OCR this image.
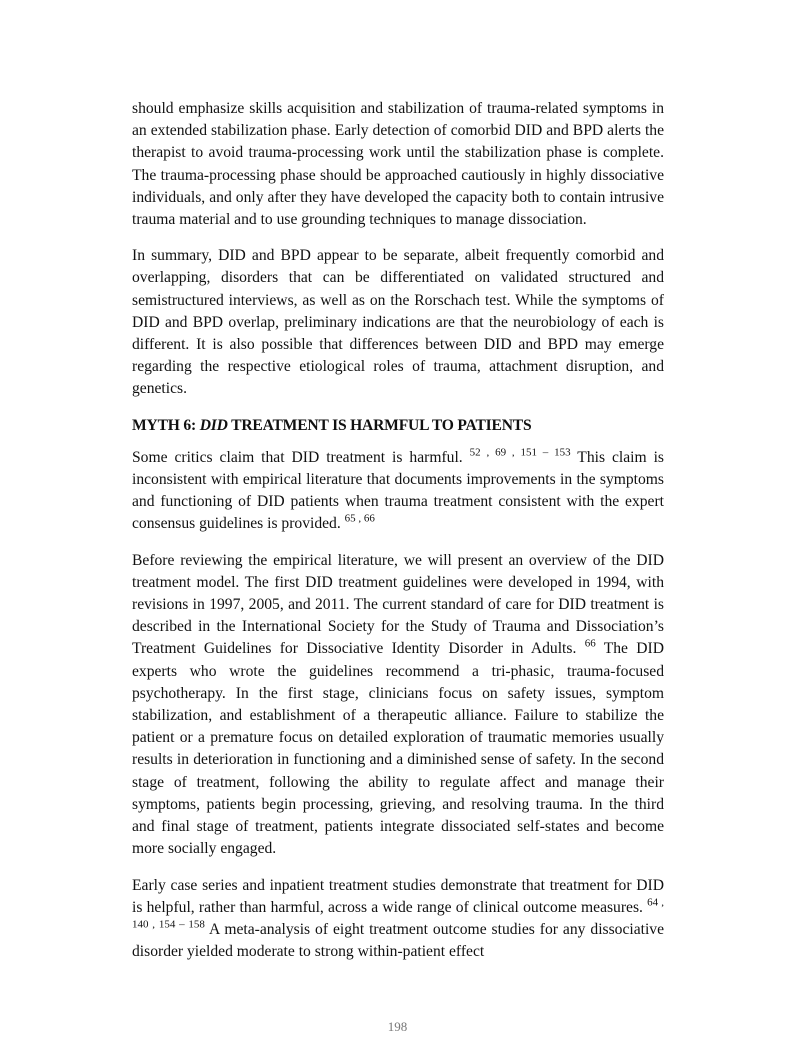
should emphasize skills acquisition and stabilization of trauma-related symptoms in an extended stabilization phase. Early detection of comorbid DID and BPD alerts the therapist to avoid trauma-processing work until the stabilization phase is complete. The trauma-processing phase should be approached cautiously in highly dissociative individuals, and only after they have developed the capacity both to contain intrusive trauma material and to use grounding techniques to manage dissociation.

In summary, DID and BPD appear to be separate, albeit frequently comorbid and overlapping, disorders that can be differentiated on validated structured and semistructured interviews, as well as on the Rorschach test. While the symptoms of DID and BPD overlap, preliminary indications are that the neurobiology of each is different. It is also possible that differences between DID and BPD may emerge regarding the respective etiological roles of trauma, attachment disruption, and genetics.

MYTH 6: DID TREATMENT IS HARMFUL TO PATIENTS

Some critics claim that DID treatment is harmful. $^{52 , 69 , 151 - 153}$ This claim is inconsistent with empirical literature that documents improvements in the symptoms and functioning of DID patients when trauma treatment consistent with the expert consensus guidelines is provided. $^{65 , 66}$

Before reviewing the empirical literature, we will present an overview of the DID treatment model. The first DID treatment guidelines were developed in 1994, with revisions in 1997, 2005, and 2011. The current standard of care for DID treatment is described in the International Society for the Study of Trauma and Dissociation’s Treatment Guidelines for Dissociative Identity Disorder in Adults. $^{66}$ The DID experts who wrote the guidelines recommend a tri-phasic, trauma-focused psychotherapy. In the first stage, clinicians focus on safety issues, symptom stabilization, and establishment of a therapeutic alliance. Failure to stabilize the patient or a premature focus on detailed exploration of traumatic memories usually results in deterioration in functioning and a diminished sense of safety. In the second stage of treatment, following the ability to regulate affect and manage their symptoms, patients begin processing, grieving, and resolving trauma. In the third and final stage of treatment, patients integrate dissociated self-states and become more socially engaged.

Early case series and inpatient treatment studies demonstrate that treatment for DID is helpful, rather than harmful, across a wide range of clinical outcome measures. $^{64 , 140 , 154 - 158}$ A meta-analysis of eight treatment outcome studies for any dissociative disorder yielded moderate to strong within-patient effect

198
